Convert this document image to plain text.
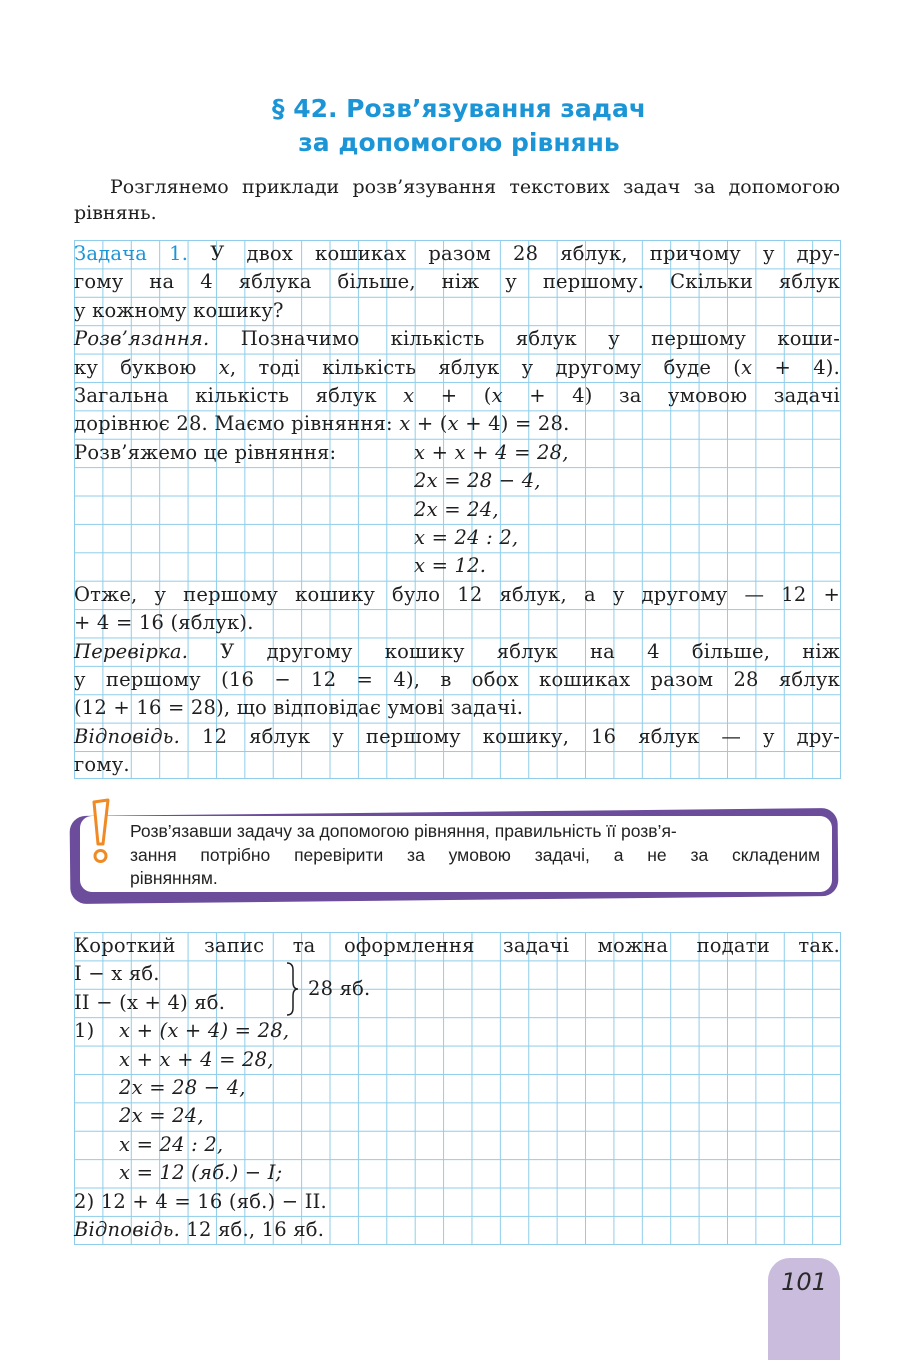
§ 42. Розв’язування задач
за допомогою рівнянь
Розглянемо приклади розв’язування текстових задач за допомогою рівнянь.
Задача 1. У двох кошиках разом 28 яблук, причому у дру-
гому на 4 яблука більше, ніж у першому. Скільки яблук
у кожному кошику?
Розв’язання. Позначимо кількість яблук у першому коши-
ку буквою x, тоді кількість яблук у другому буде (x + 4).
Загальна кількість яблук x + (x + 4) за умовою задачі
дорівнює 28. Маємо рівняння: x + (x + 4) = 28.
Розв’яжемо це рівняння:	x + x + 4 = 28,
2x = 28 − 4,
2x = 24,
x = 24 : 2,
x = 12.
Отже, у першому кошику було 12 яблук, а у другому — 12 +
+ 4 = 16 (яблук).
Перевірка. У другому кошику яблук на 4 більше, ніж
у першому (16 − 12 = 4), в обох кошиках разом 28 яблук
(12 + 16 = 28), що відповідає умові задачі.
Відповідь. 12 яблук у першому кошику, 16 яблук — у дру-
гому.
Розв’язавши задачу за допомогою рівняння, правильність її розв’я-
зання потрібно перевірити за умовою задачі, а не за складеним
рівнянням.
Короткий запис та оформлення задачі можна подати так.
I − x яб.
II − (x + 4) яб.
28 яб.
1)	x + (x + 4) = 28,
x + x + 4 = 28,
2x = 28 − 4,
2x = 24,
x = 24 : 2,
x = 12 (яб.) − I;
2) 12 + 4 = 16 (яб.) − II.
Відповідь. 12 яб., 16 яб.
101
